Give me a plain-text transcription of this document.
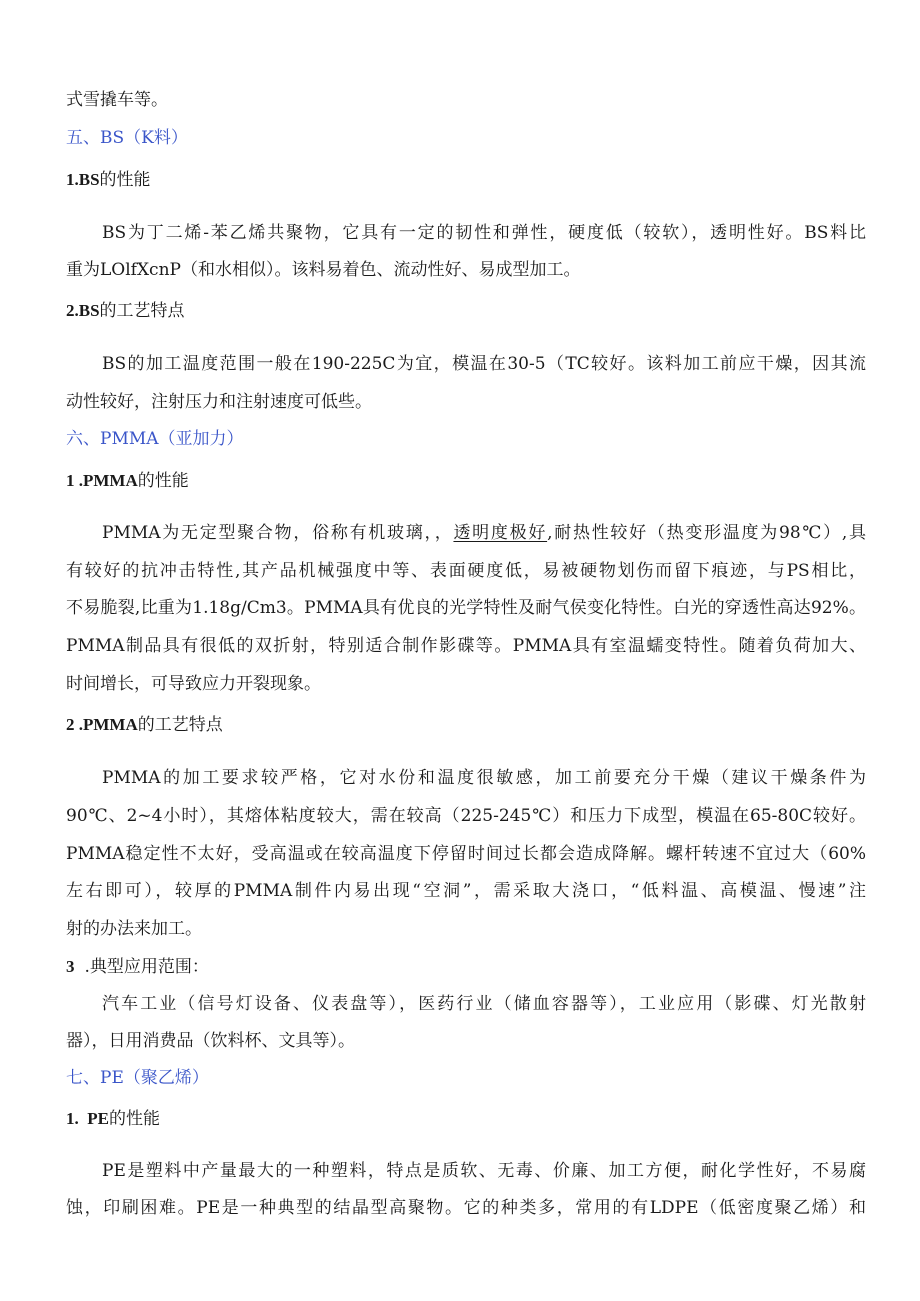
式雪撬车等。
五、BS（K料）
1.BS的性能
BS为丁二烯-苯乙烯共聚物，它具有一定的韧性和弹性，硬度低（较软），透明性好。BS料比
重为LOlfXcnP（和水相似）。该料易着色、流动性好、易成型加工。
2.BS的工艺特点
BS的加工温度范围一般在190-225C为宜，模温在30-5（TC较好。该料加工前应干燥，因其流
动性较好，注射压力和注射速度可低些。
六、PMMA（亚加力）
1 .PMMA的性能
PMMA为无定型聚合物，俗称有机玻璃，，透明度极好,耐热性较好（热变形温度为98℃）,具
有较好的抗冲击特性,其产品机械强度中等、表面硬度低，易被硬物划伤而留下痕迹，与PS相比，
不易脆裂,比重为1.18g∕Cm3。PMMA具有优良的光学特性及耐气侯变化特性。白光的穿透性高达92%。
PMMA制品具有很低的双折射，特别适合制作影碟等。PMMA具有室温蠕变特性。随着负荷加大、
时间增长，可导致应力开裂现象。
2 .PMMA的工艺特点
PMMA的加工要求较严格，它对水份和温度很敏感，加工前要充分干燥（建议干燥条件为
90℃、2~4小时），其熔体粘度较大，需在较高（225-245℃）和压力下成型，模温在65-80C较好。
PMMA稳定性不太好，受高温或在较高温度下停留时间过长都会造成降解。螺杆转速不宜过大（60%
左右即可），较厚的PMMA制件内易出现“空洞”，需采取大浇口，“低料温、高模温、慢速”注
射的办法来加工。
3 .典型应用范围：
汽车工业（信号灯设备、仪表盘等），医药行业（储血容器等），工业应用（影碟、灯光散射
器），日用消费品（饮料杯、文具等）。
七、PE（聚乙烯）
1.  PE的性能
PE是塑料中产量最大的一种塑料，特点是质软、无毒、价廉、加工方便，耐化学性好，不易腐
蚀，印刷困难。PE是一种典型的结晶型高聚物。它的种类多，常用的有LDPE（低密度聚乙烯）和
